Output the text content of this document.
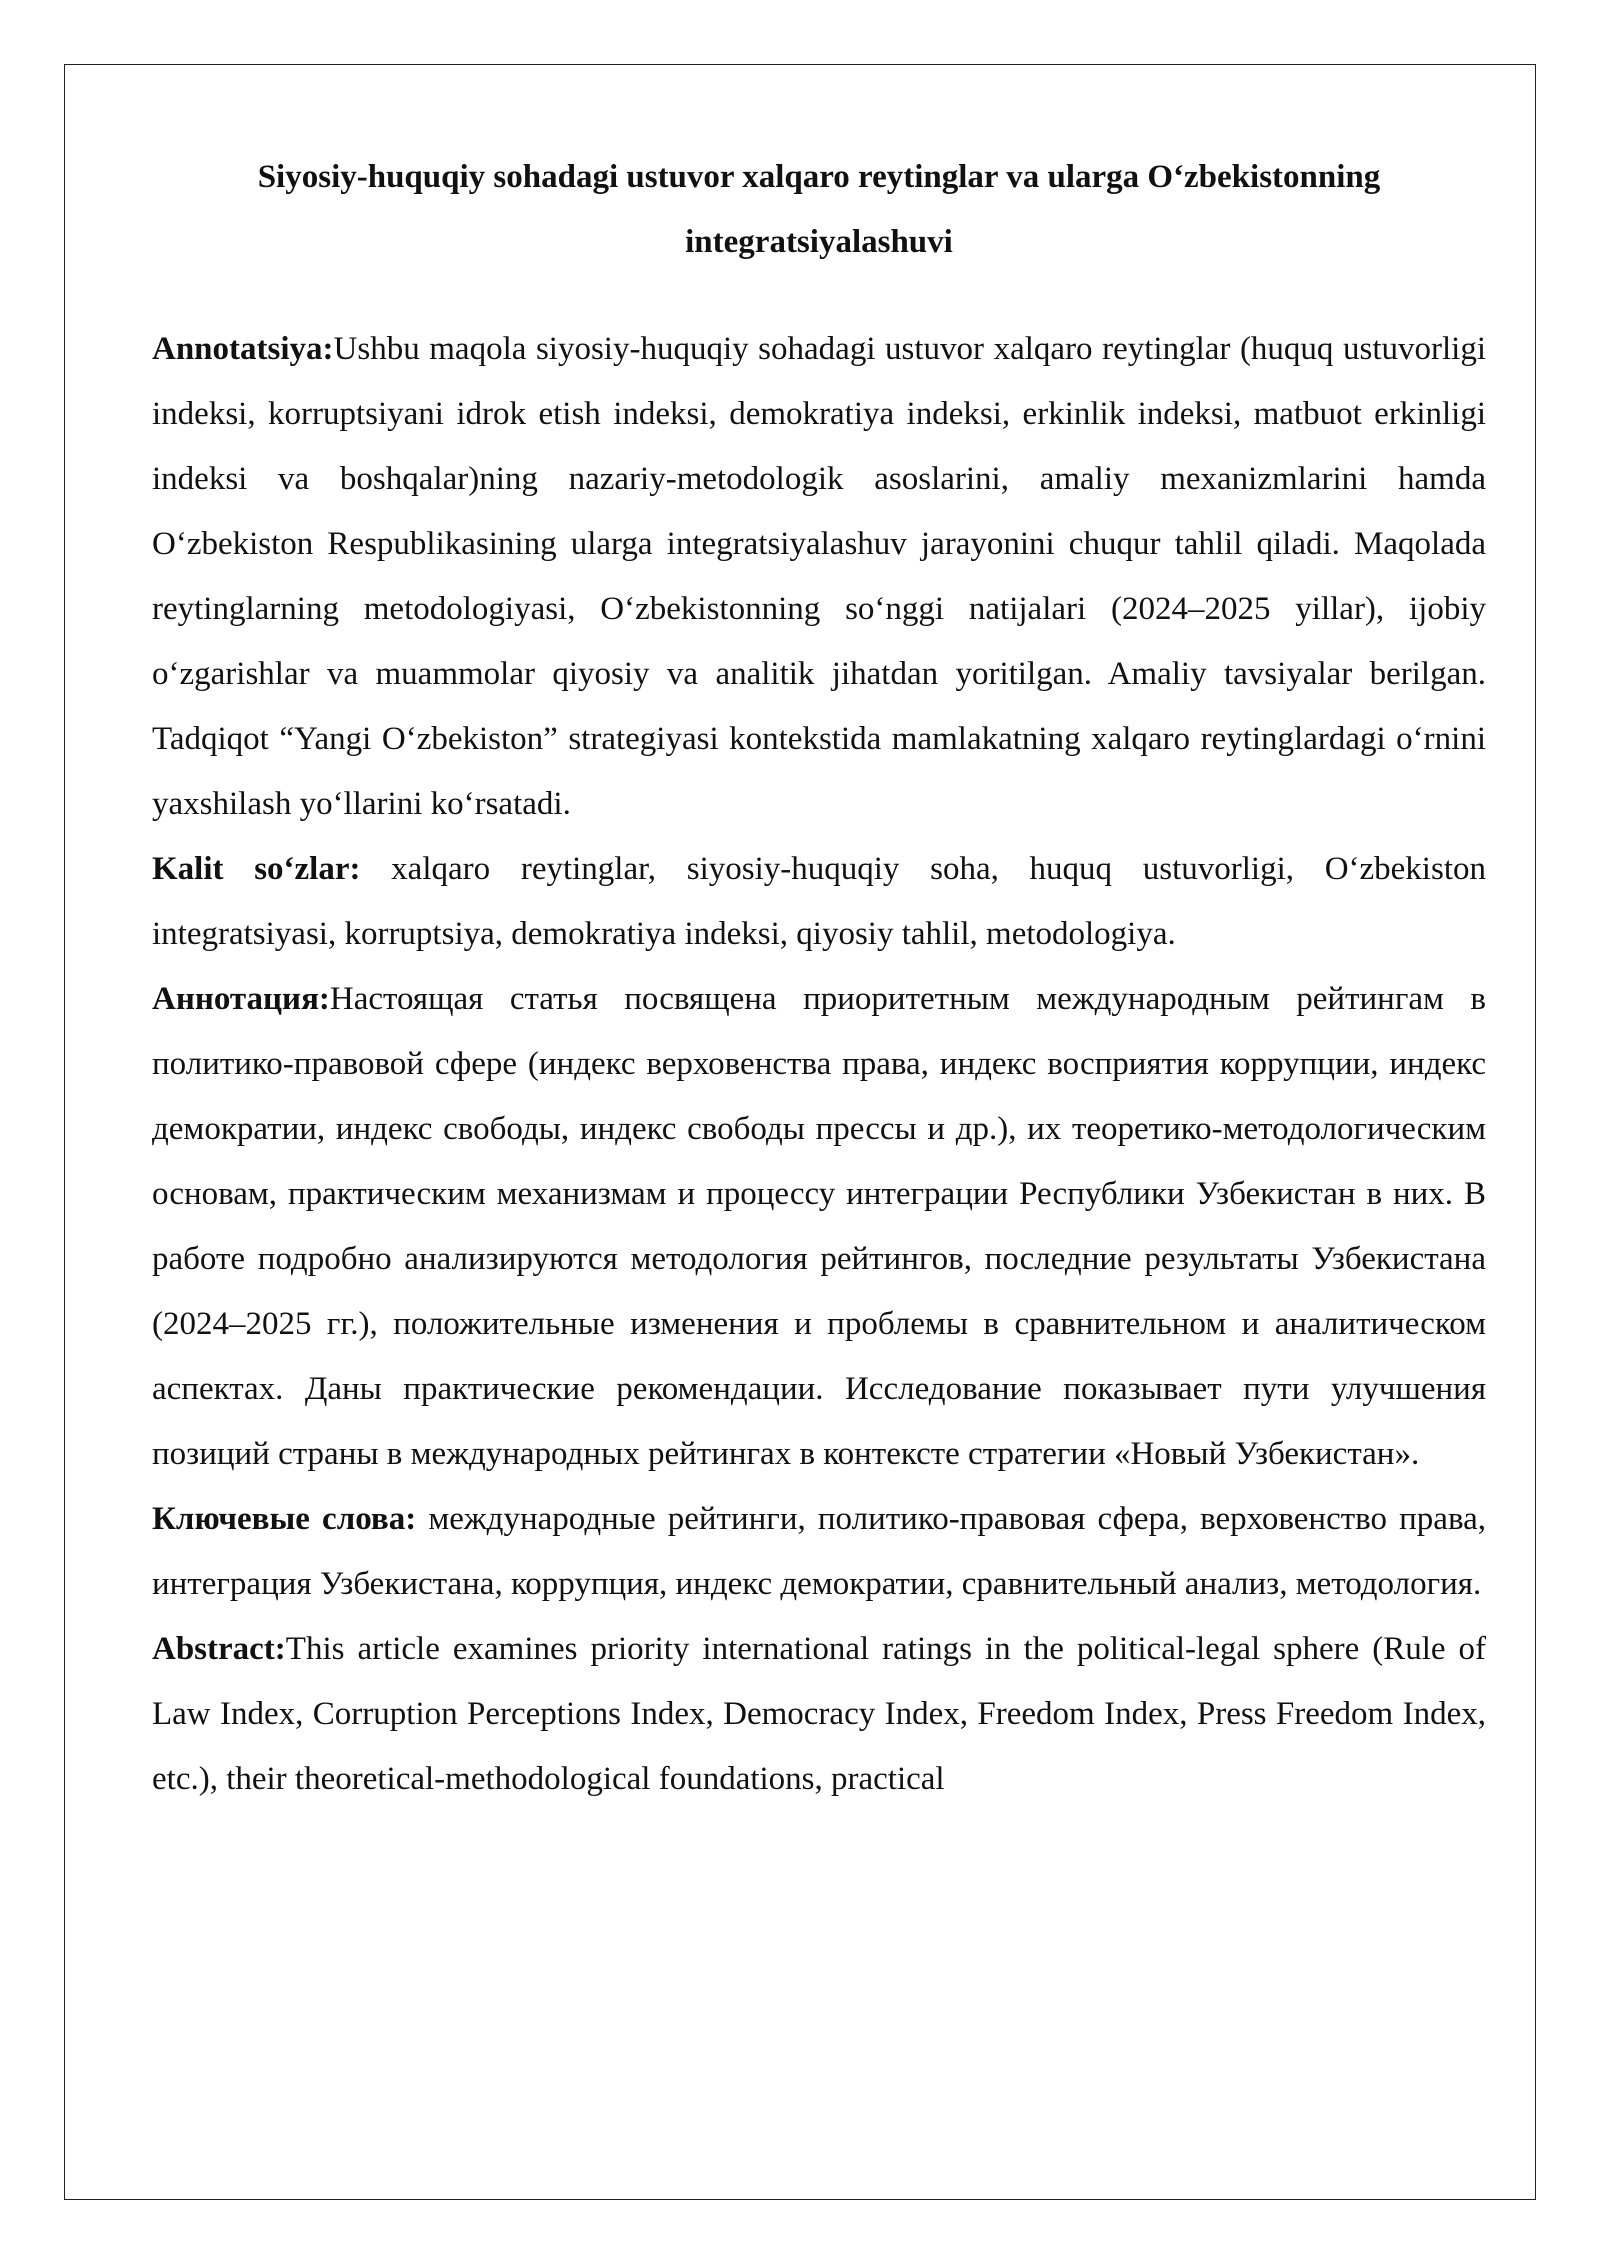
Siyosiy-huquqiy sohadagi ustuvor xalqaro reytinglar va ularga O‘zbekistonning
integratsiyalashuvi

Annotatsiya:Ushbu maqola siyosiy-huquqiy sohadagi ustuvor xalqaro reytinglar (huquq ustuvorligi indeksi, korruptsiyani idrok etish indeksi, demokratiya indeksi, erkinlik indeksi, matbuot erkinligi indeksi va boshqalar)ning nazariy-metodologik asoslarini, amaliy mexanizmlarini hamda O‘zbekiston Respublikasining ularga integratsiyalashuv jarayonini chuqur tahlil qiladi. Maqolada reytinglarning metodologiyasi, O‘zbekistonning so‘nggi natijalari (2024–2025 yillar), ijobiy o‘zgarishlar va muammolar qiyosiy va analitik jihatdan yoritilgan. Amaliy tavsiyalar berilgan. Tadqiqot “Yangi O‘zbekiston” strategiyasi kontekstida mamlakatning xalqaro reytinglardagi o‘rnini yaxshilash yo‘llarini ko‘rsatadi.

Kalit so‘zlar: xalqaro reytinglar, siyosiy-huquqiy soha, huquq ustuvorligi, O‘zbekiston integratsiyasi, korruptsiya, demokratiya indeksi, qiyosiy tahlil, metodologiya.

Аннотация:Настоящая статья посвящена приоритетным международным рейтингам в политико-правовой сфере (индекс верховенства права, индекс восприятия коррупции, индекс демократии, индекс свободы, индекс свободы прессы и др.), их теоретико-методологическим основам, практическим механизмам и процессу интеграции Республики Узбекистан в них. В работе подробно анализируются методология рейтингов, последние результаты Узбекистана (2024–2025 гг.), положительные изменения и проблемы в сравнительном и аналитическом аспектах. Даны практические рекомендации. Исследование показывает пути улучшения позиций страны в международных рейтингах в контексте стратегии «Новый Узбекистан».

Ключевые слова: международные рейтинги, политико-правовая сфера, верховенство права, интеграция Узбекистана, коррупция, индекс демократии, сравнительный анализ, методология.

Abstract:This article examines priority international ratings in the political-legal sphere (Rule of Law Index, Corruption Perceptions Index, Democracy Index, Freedom Index, Press Freedom Index, etc.), their theoretical-methodological foundations, practical
